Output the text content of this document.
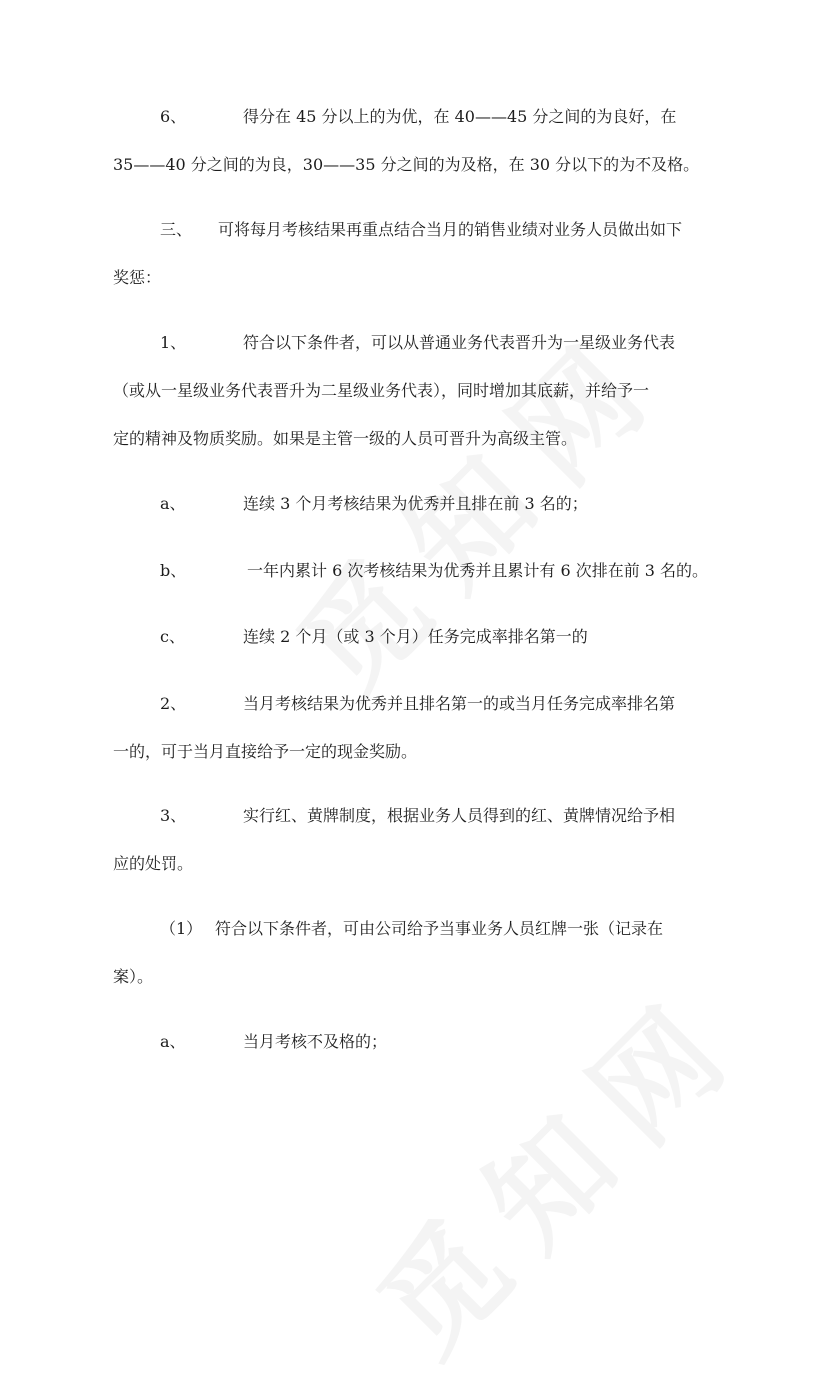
6、	得分在 45 分以上的为优，在 40——45 分之间的为良好，在
35——40 分之间的为良，30——35 分之间的为及格，在 30 分以下的为不及格。
三、 可将每月考核结果再重点结合当月的销售业绩对业务人员做出如下
奖惩：
1、	符合以下条件者，可以从普通业务代表晋升为一星级业务代表
（或从一星级业务代表晋升为二星级业务代表），同时增加其底薪，并给予一
定的精神及物质奖励。如果是主管一级的人员可晋升为高级主管。
a、	连续 3 个月考核结果为优秀并且排在前 3 名的；
b、	一年内累计 6 次考核结果为优秀并且累计有 6 次排在前 3 名的。
c、	连续 2 个月（或 3 个月）任务完成率排名第一的
2、	当月考核结果为优秀并且排名第一的或当月任务完成率排名第
一的，可于当月直接给予一定的现金奖励。
3、	实行红、黄牌制度，根据业务人员得到的红、黄牌情况给予相
应的处罚。
（1） 符合以下条件者，可由公司给予当事业务人员红牌一张（记录在
案）。
a、	当月考核不及格的；
